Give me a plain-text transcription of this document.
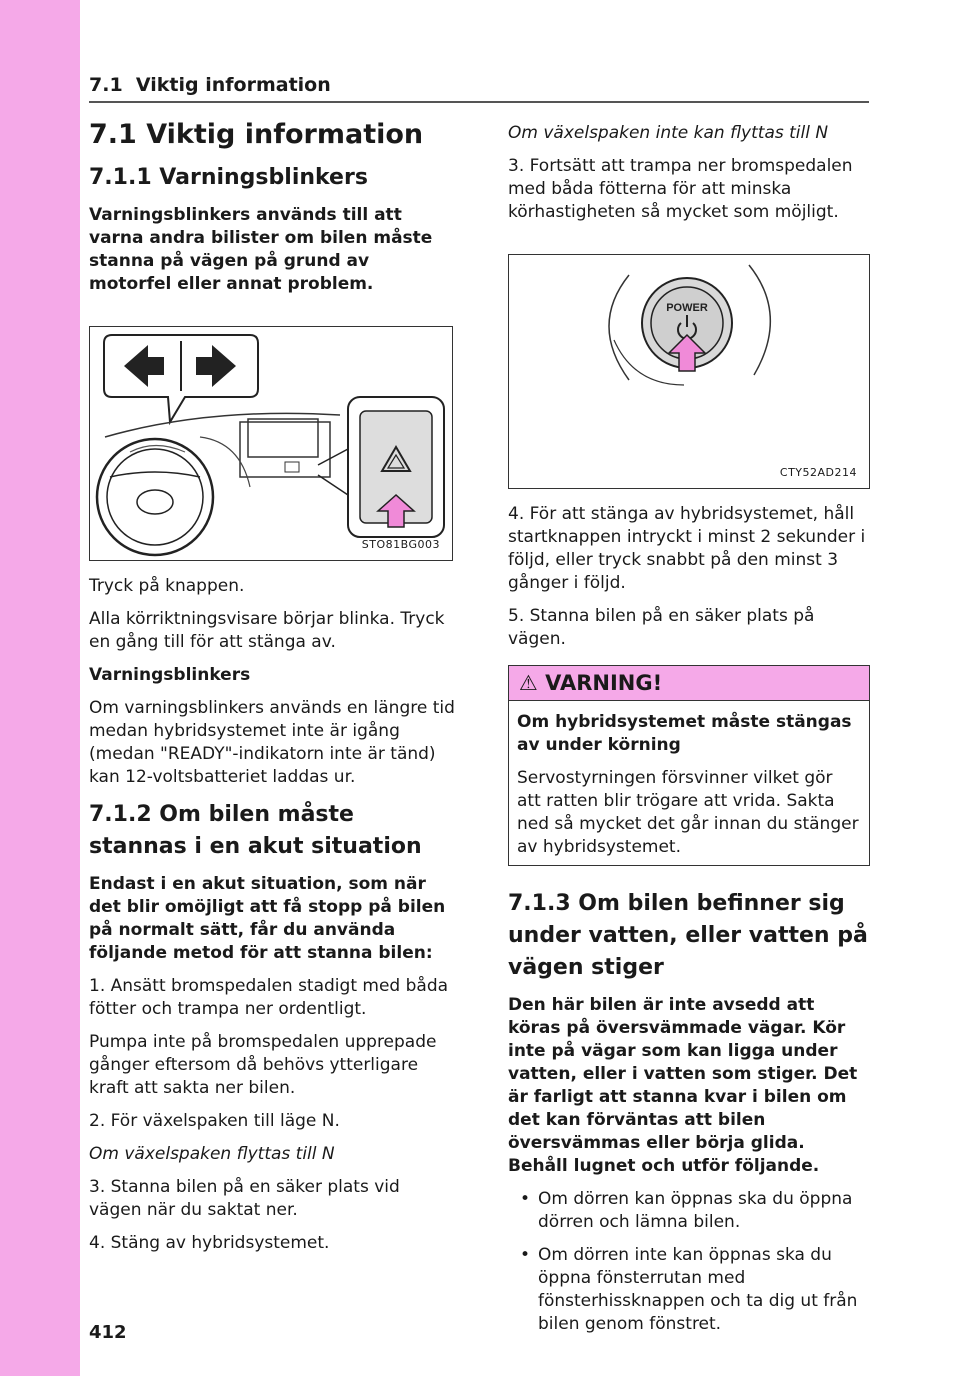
7.1 Viktig information
7.1 Viktig information
7.1.1 Varningsblinkers

Varningsblinkers används till att varna andra bilister om bilen måste stanna på vägen på grund av motorfel eller annat problem.

STO81BG003

Tryck på knappen.

Alla körriktningsvisare börjar blinka. Tryck en gång till för att stänga av.

Varningsblinkers

Om varningsblinkers används en längre tid medan hybridsystemet inte är igång (medan "READY"-indikatorn inte är tänd) kan 12-voltsbatteriet laddas ur.

7.1.2 Om bilen måste stannas i en akut situation

Endast i en akut situation, som när det blir omöjligt att få stopp på bilen på normalt sätt, får du använda följande metod för att stanna bilen:

1. Ansätt bromspedalen stadigt med båda fötter och trampa ner ordentligt.

Pumpa inte på bromspedalen upprepade gånger eftersom då behövs ytterligare kraft att sakta ner bilen.

2. För växelspaken till läge N.

Om växelspaken flyttas till N

3. Stanna bilen på en säker plats vid vägen när du saktat ner.

4. Stäng av hybridsystemet.

Om växelspaken inte kan flyttas till N

3. Fortsätt att trampa ner bromspedalen med båda fötterna för att minska körhastigheten så mycket som möjligt.

POWER
CTY52AD214

4. För att stänga av hybridsystemet, håll startknappen intryckt i minst 2 sekunder i följd, eller tryck snabbt på den minst 3 gånger i följd.

5. Stanna bilen på en säker plats på vägen.

⚠ VARNING!

Om hybridsystemet måste stängas av under körning

Servostyrningen försvinner vilket gör att ratten blir trögare att vrida. Sakta ned så mycket det går innan du stänger av hybridsystemet.

7.1.3 Om bilen befinner sig under vatten, eller vatten på vägen stiger

Den här bilen är inte avsedd att köras på översvämmade vägar. Kör inte på vägar som kan ligga under vatten, eller i vatten som stiger. Det är farligt att stanna kvar i bilen om det kan förväntas att bilen översvämmas eller börja glida. Behåll lugnet och utför följande.

• Om dörren kan öppnas ska du öppna dörren och lämna bilen.
• Om dörren inte kan öppnas ska du öppna fönsterrutan med fönsterhissknappen och ta dig ut från bilen genom fönstret.
412
